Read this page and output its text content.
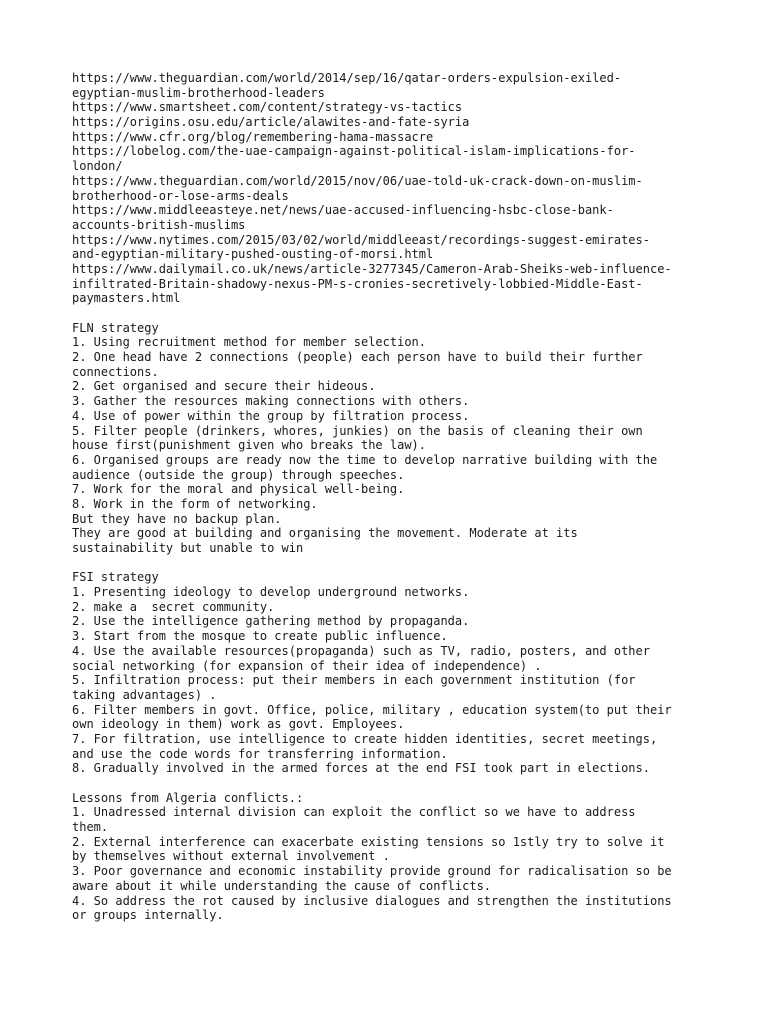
https://www.theguardian.com/world/2014/sep/16/qatar-orders-expulsion-exiled-
egyptian-muslim-brotherhood-leaders
https://www.smartsheet.com/content/strategy-vs-tactics
https://origins.osu.edu/article/alawites-and-fate-syria
https://www.cfr.org/blog/remembering-hama-massacre
https://lobelog.com/the-uae-campaign-against-political-islam-implications-for-
london/
https://www.theguardian.com/world/2015/nov/06/uae-told-uk-crack-down-on-muslim-
brotherhood-or-lose-arms-deals
https://www.middleeasteye.net/news/uae-accused-influencing-hsbc-close-bank-
accounts-british-muslims
https://www.nytimes.com/2015/03/02/world/middleeast/recordings-suggest-emirates-
and-egyptian-military-pushed-ousting-of-morsi.html
https://www.dailymail.co.uk/news/article-3277345/Cameron-Arab-Sheiks-web-influence-
infiltrated-Britain-shadowy-nexus-PM-s-cronies-secretively-lobbied-Middle-East-
paymasters.html
FLN strategy
1. Using recruitment method for member selection.
2. One head have 2 connections (people) each person have to build their further
connections.
2. Get organised and secure their hideous.
3. Gather the resources making connections with others.
4. Use of power within the group by filtration process.
5. Filter people (drinkers, whores, junkies) on the basis of cleaning their own
house first(punishment given who breaks the law).
6. Organised groups are ready now the time to develop narrative building with the
audience (outside the group) through speeches.
7. Work for the moral and physical well-being.
8. Work in the form of networking.
But they have no backup plan.
They are good at building and organising the movement. Moderate at its
sustainability but unable to win
FSI strategy
1. Presenting ideology to develop underground networks.
2. make a  secret community.
2. Use the intelligence gathering method by propaganda.
3. Start from the mosque to create public influence.
4. Use the available resources(propaganda) such as TV, radio, posters, and other
social networking (for expansion of their idea of independence) .
5. Infiltration process: put their members in each government institution (for
taking advantages) .
6. Filter members in govt. Office, police, military , education system(to put their
own ideology in them) work as govt. Employees.
7. For filtration, use intelligence to create hidden identities, secret meetings,
and use the code words for transferring information.
8. Gradually involved in the armed forces at the end FSI took part in elections.
Lessons from Algeria conflicts.:
1. Unadressed internal division can exploit the conflict so we have to address
them.
2. External interference can exacerbate existing tensions so 1stly try to solve it
by themselves without external involvement .
3. Poor governance and economic instability provide ground for radicalisation so be
aware about it while understanding the cause of conflicts.
4. So address the rot caused by inclusive dialogues and strengthen the institutions
or groups internally.
